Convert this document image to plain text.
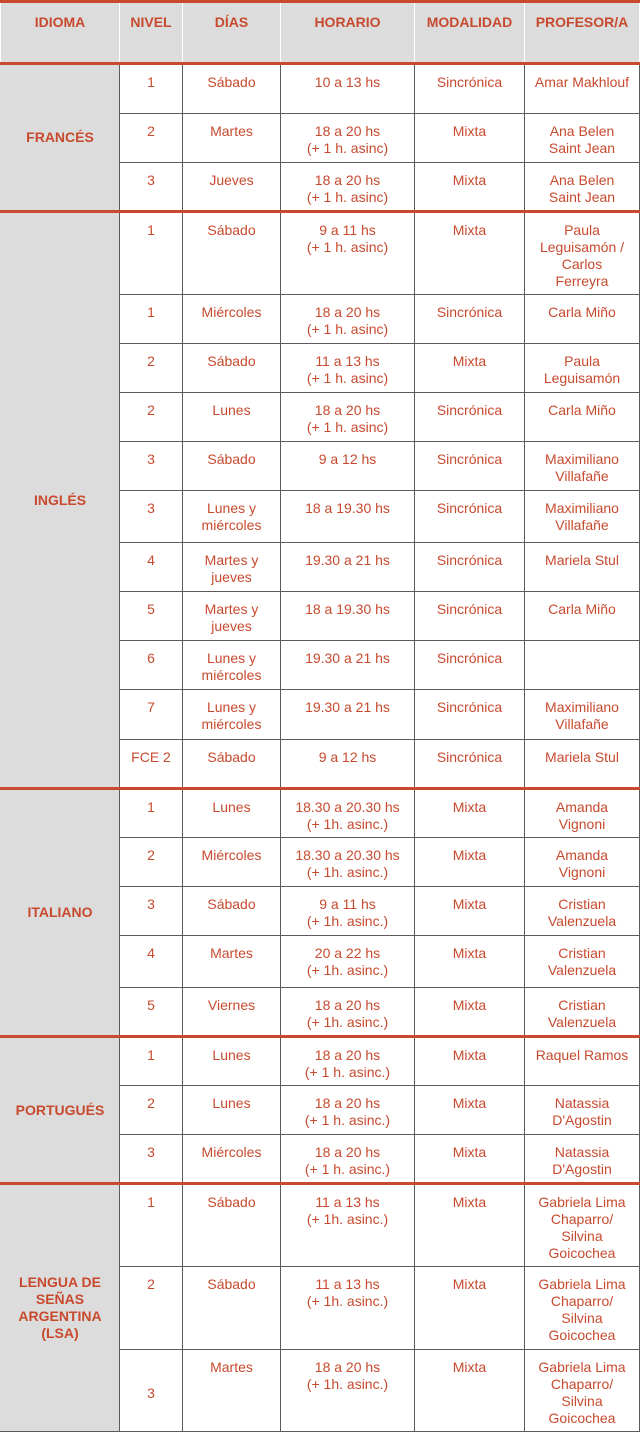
IDIOMA	NIVEL	DÍAS	HORARIO	MODALIDAD	PROFESOR/A
FRANCÉS	1	Sábado	10 a 13 hs	Sincrónica	Amar Makhlouf
	2	Martes	18 a 20 hs
(+ 1 h. asinc)	Mixta	Ana Belen
Saint Jean
	3	Jueves	18 a 20 hs
(+ 1 h. asinc)	Mixta	Ana Belen
Saint Jean
INGLÉS	1	Sábado	9 a 11 hs
(+ 1 h. asinc)	Mixta	Paula
Leguisamón /
Carlos
Ferreyra
	1	Miércoles	18 a 20 hs
(+ 1 h. asinc)	Sincrónica	Carla Miño
	2	Sábado	11 a 13 hs
(+ 1 h. asinc)	Mixta	Paula
Leguisamón
	2	Lunes	18 a 20 hs
(+ 1 h. asinc)	Sincrónica	Carla Miño
	3	Sábado	9 a 12 hs	Sincrónica	Maximiliano
Villafañe
	3	Lunes y
miércoles	18 a 19.30 hs	Sincrónica	Maximiliano
Villafañe
	4	Martes y
jueves	19.30 a 21 hs	Sincrónica	Mariela Stul
	5	Martes y
jueves	18 a 19.30 hs	Sincrónica	Carla Miño
	6	Lunes y
miércoles	19.30 a 21 hs	Sincrónica	
	7	Lunes y
miércoles	19.30 a 21 hs	Sincrónica	Maximiliano
Villafañe
	FCE 2	Sábado	9 a 12 hs	Sincrónica	Mariela Stul
ITALIANO	1	Lunes	18.30 a 20.30 hs
(+ 1h. asinc.)	Mixta	Amanda
Vignoni
	2	Miércoles	18.30 a 20.30 hs
(+ 1h. asinc.)	Mixta	Amanda
Vignoni
	3	Sábado	9 a 11 hs
(+ 1h. asinc.)	Mixta	Cristian
Valenzuela
	4	Martes	20 a 22 hs
(+ 1h. asinc.)	Mixta	Cristian
Valenzuela
	5	Viernes	18 a 20 hs
(+ 1h. asinc.)	Mixta	Cristian
Valenzuela
PORTUGUÉS	1	Lunes	18 a 20 hs
(+ 1 h. asinc.)	Mixta	Raquel Ramos
	2	Lunes	18 a 20 hs
(+ 1 h. asinc.)	Mixta	Natassia
D'Agostin
	3	Miércoles	18 a 20 hs
(+ 1 h. asinc.)	Mixta	Natassia
D'Agostin
LENGUA DE
SEÑAS
ARGENTINA
(LSA)	1	Sábado	11 a 13 hs
(+ 1h. asinc.)	Mixta	Gabriela Lima
Chaparro/
Silvina
Goicochea
	2	Sábado	11 a 13 hs
(+ 1h. asinc.)	Mixta	Gabriela Lima
Chaparro/
Silvina
Goicochea
	3	Martes	18 a 20 hs
(+ 1h. asinc.)	Mixta	Gabriela Lima
Chaparro/
Silvina
Goicochea
